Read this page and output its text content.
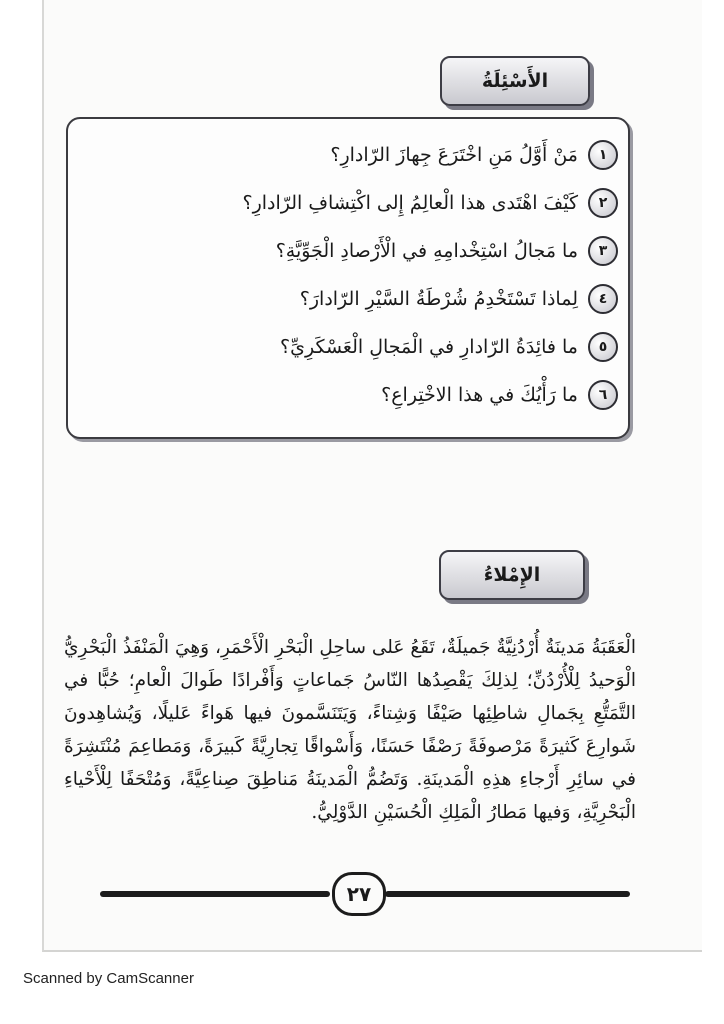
الأَسْئِلَةُ
١
مَنْ أَوَّلُ مَنِ اخْتَرَعَ جِهازَ الرّادارِ؟
٢
كَيْفَ اهْتَدى هذا الْعالِمُ إِلى اكْتِشافِ الرّادارِ؟
٣
ما مَجالُ اسْتِخْدامِهِ في الْأَرْصادِ الْجَوِّيَّةِ؟
٤
لِماذا تَسْتَخْدِمُ شُرْطَةُ السَّيْرِ الرّادارَ؟
٥
ما فائِدَةُ الرّادارِ في الْمَجالِ الْعَسْكَرِيِّ؟
٦
ما رَأْيُكَ في هذا الاخْتِراعِ؟
الإِمْلاءُ

الْعَقَبَةُ مَدينَةٌ أُرْدُنِيَّةٌ جَميلَةٌ، تَقَعُ عَلى ساحِلِ الْبَحْرِ الْأَحْمَرِ، وَهِيَ الْمَنْفَذُ الْبَحْرِيُّ الْوَحيدُ لِلْأُرْدُنِّ؛ لِذلِكَ يَقْصِدُها النّاسُ جَماعاتٍ وَأَفْرادًا طَوالَ الْعامِ؛ حُبًّا في التَّمَتُّعِ بِجَمالِ شاطِئِها صَيْفًا وَشِتاءً، وَيَتَنَسَّمونَ فيها هَواءً عَليلًا، وَيُشاهِدونَ شَوارِعَ كَثيرَةً مَرْصوفَةً رَصْفًا حَسَنًا، وَأَسْواقًا تِجارِيَّةً كَبيرَةً، وَمَطاعِمَ مُنْتَشِرَةً في سائِرِ أَرْجاءِ هذِهِ الْمَدينَةِ. وَتَضُمُّ الْمَدينَةُ مَناطِقَ صِناعِيَّةً، وَمُتْحَفًا لِلْأَحْياءِ الْبَحْرِيَّةِ، وَفيها مَطارُ الْمَلِكِ الْحُسَيْنِ الدَّوْلِيُّ.

٢٧
Scanned by CamScanner
